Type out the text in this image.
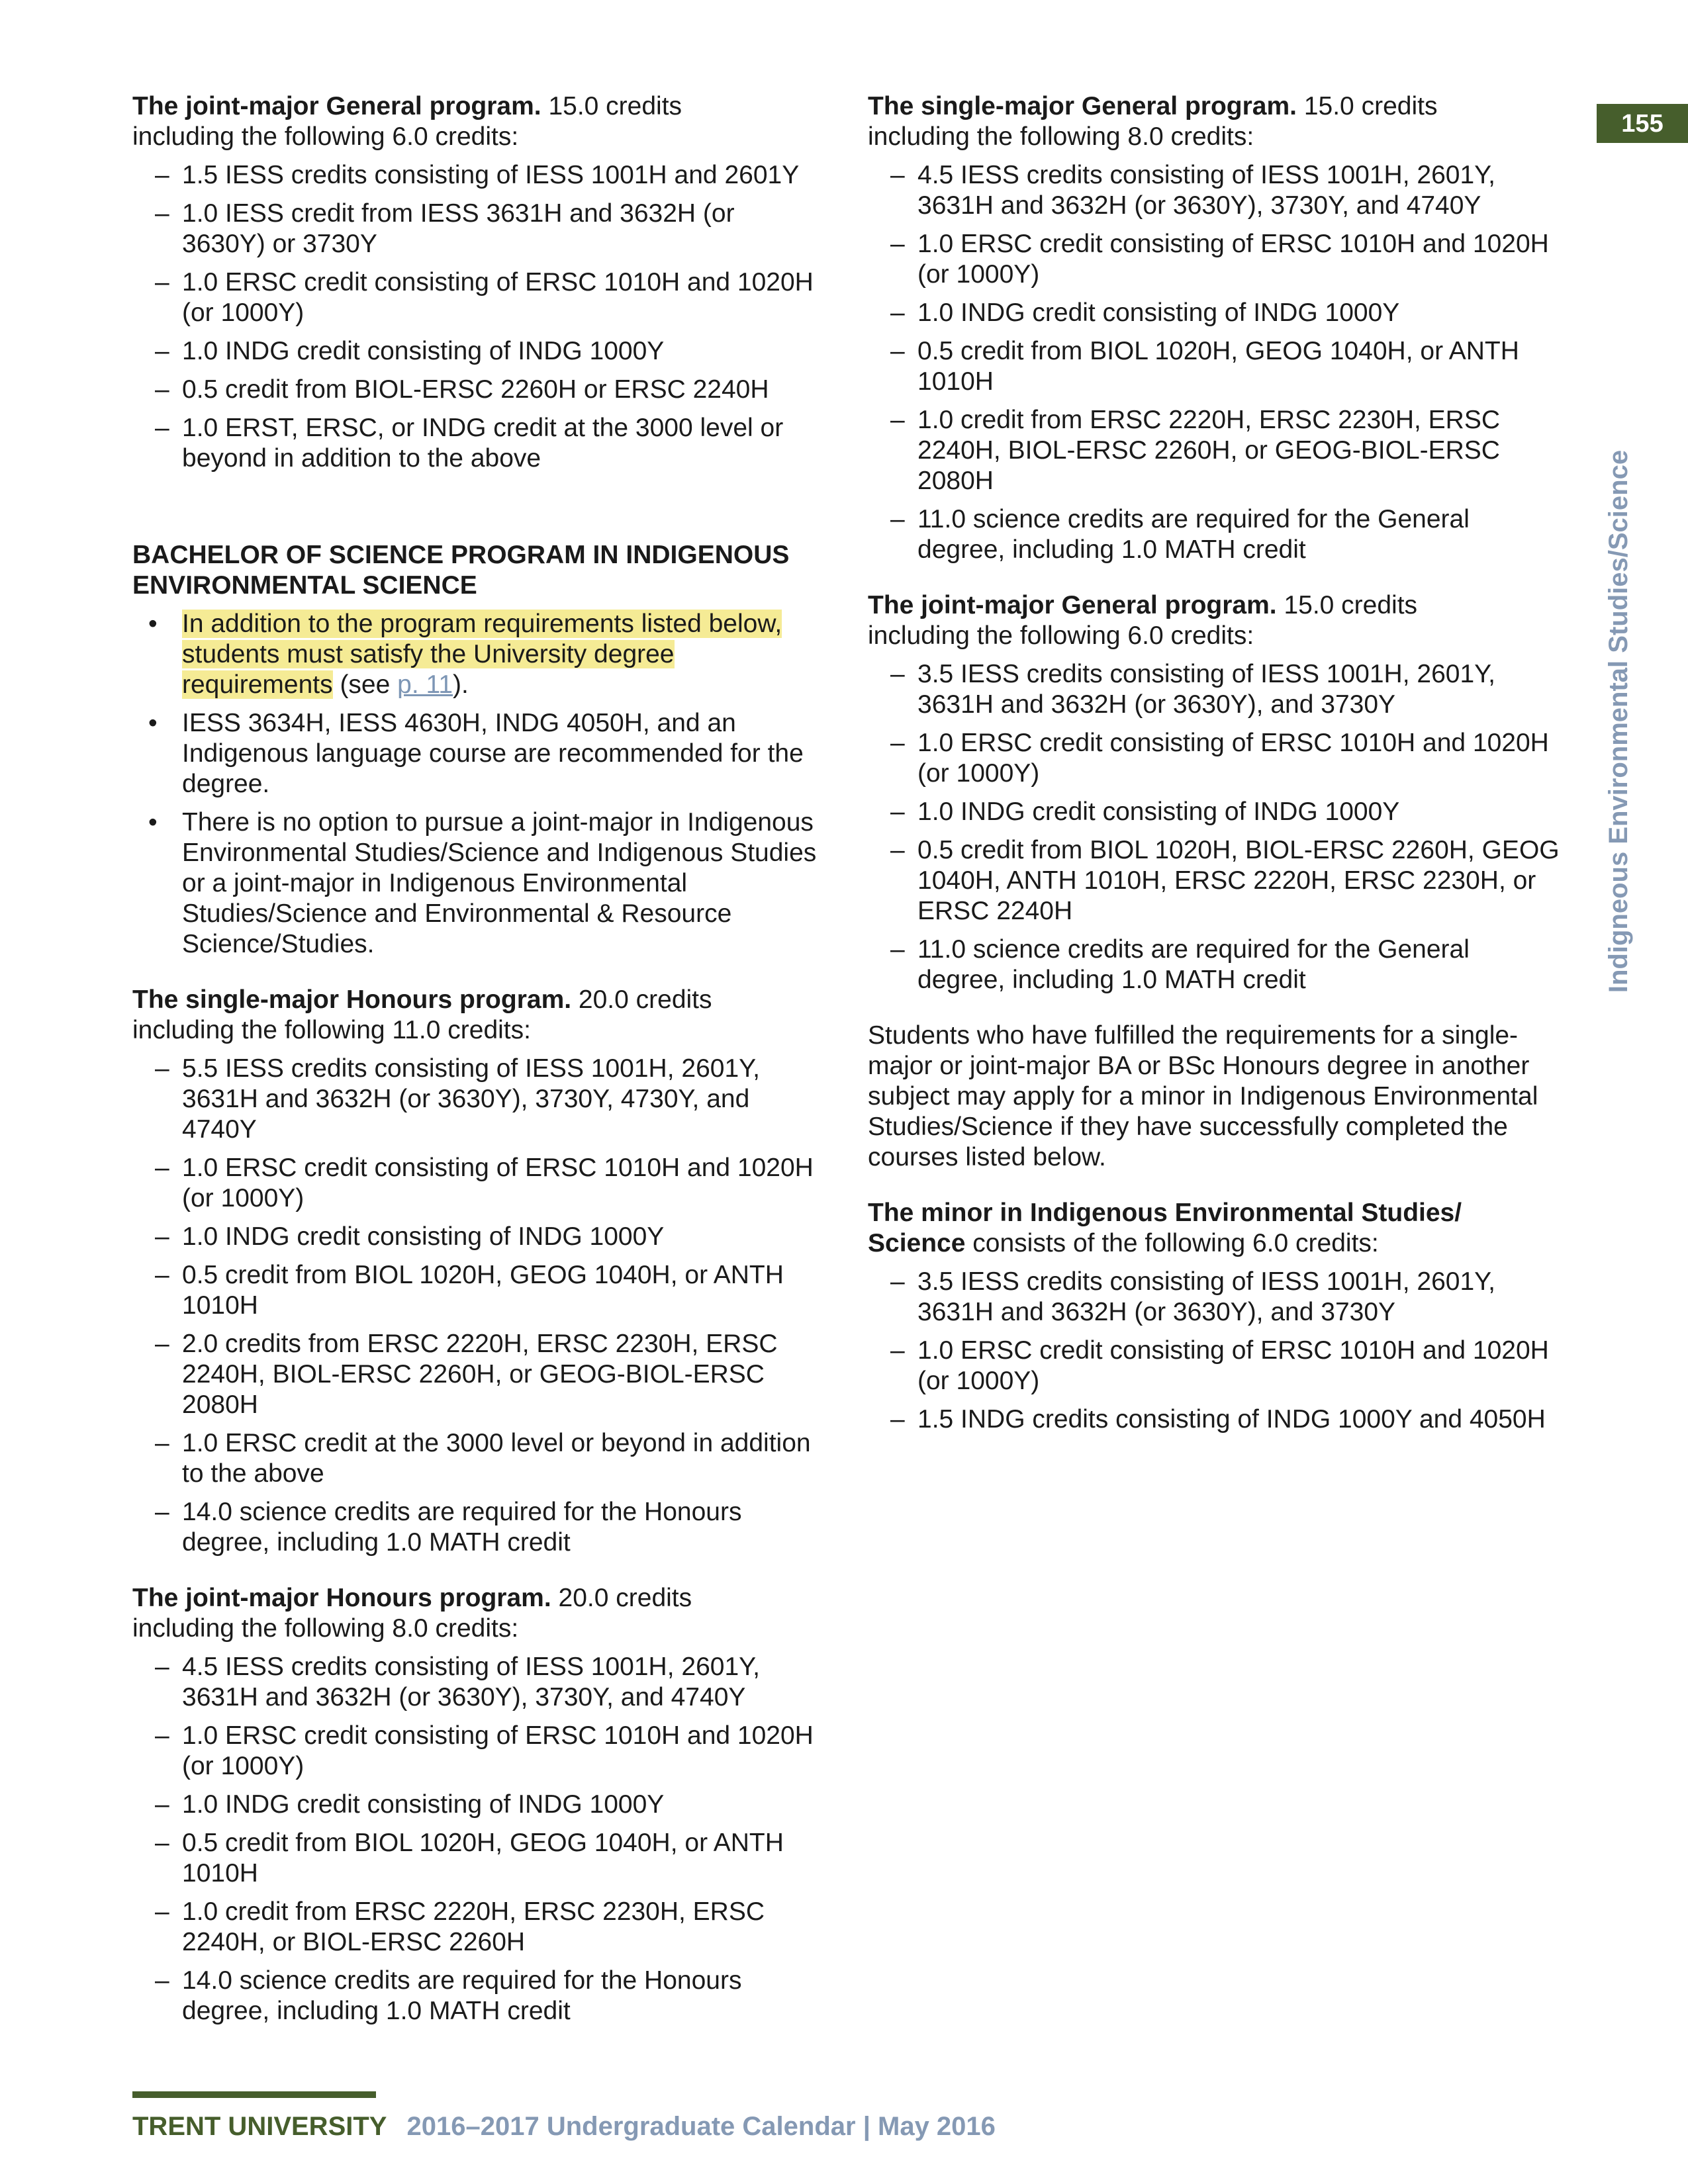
155
Indigneous Environmental Studies/Science
The joint-major General program. 15.0 credits
including the following 6.0 credits:
– 1.5 IESS credits consisting of IESS 1001H and 2601Y
– 1.0 IESS credit from IESS 3631H and 3632H (or 3630Y) or 3730Y
– 1.0 ERSC credit consisting of ERSC 1010H and 1020H (or 1000Y)
– 1.0 INDG credit consisting of INDG 1000Y
– 0.5 credit from BIOL-ERSC 2260H or ERSC 2240H
– 1.0 ERST, ERSC, or INDG credit at the 3000 level or beyond in addition to the above
BACHELOR OF SCIENCE PROGRAM IN INDIGENOUS ENVIRONMENTAL SCIENCE
• In addition to the program requirements listed below, students must satisfy the University degree requirements (see p. 11).
• IESS 3634H, IESS 4630H, INDG 4050H, and an Indigenous language course are recommended for the degree.
• There is no option to pursue a joint-major in Indigenous Environmental Studies/Science and Indigenous Studies or a joint-major in Indigenous Environmental Studies/Science and Environmental & Resource Science/Studies.
The single-major Honours program. 20.0 credits
including the following 11.0 credits:
– 5.5 IESS credits consisting of IESS 1001H, 2601Y, 3631H and 3632H (or 3630Y), 3730Y, 4730Y, and 4740Y
– 1.0 ERSC credit consisting of ERSC 1010H and 1020H (or 1000Y)
– 1.0 INDG credit consisting of INDG 1000Y
– 0.5 credit from BIOL 1020H, GEOG 1040H, or ANTH 1010H
– 2.0 credits from ERSC 2220H, ERSC 2230H, ERSC 2240H, BIOL-ERSC 2260H, or GEOG-BIOL-ERSC 2080H
– 1.0 ERSC credit at the 3000 level or beyond in addition to the above
– 14.0 science credits are required for the Honours degree, including 1.0 MATH credit
The joint-major Honours program. 20.0 credits
including the following 8.0 credits:
– 4.5 IESS credits consisting of IESS 1001H, 2601Y, 3631H and 3632H (or 3630Y), 3730Y, and 4740Y
– 1.0 ERSC credit consisting of ERSC 1010H and 1020H (or 1000Y)
– 1.0 INDG credit consisting of INDG 1000Y
– 0.5 credit from BIOL 1020H, GEOG 1040H, or ANTH 1010H
– 1.0 credit from ERSC 2220H, ERSC 2230H, ERSC 2240H, or BIOL-ERSC 2260H
– 14.0 science credits are required for the Honours degree, including 1.0 MATH credit
The single-major General program. 15.0 credits
including the following 8.0 credits:
– 4.5 IESS credits consisting of IESS 1001H, 2601Y, 3631H and 3632H (or 3630Y), 3730Y, and 4740Y
– 1.0 ERSC credit consisting of ERSC 1010H and 1020H (or 1000Y)
– 1.0 INDG credit consisting of INDG 1000Y
– 0.5 credit from BIOL 1020H, GEOG 1040H, or ANTH 1010H
– 1.0 credit from ERSC 2220H, ERSC 2230H, ERSC 2240H, BIOL-ERSC 2260H, or GEOG-BIOL-ERSC 2080H
– 11.0 science credits are required for the General degree, including 1.0 MATH credit
The joint-major General program. 15.0 credits
including the following 6.0 credits:
– 3.5 IESS credits consisting of IESS 1001H, 2601Y, 3631H and 3632H (or 3630Y), and 3730Y
– 1.0 ERSC credit consisting of ERSC 1010H and 1020H (or 1000Y)
– 1.0 INDG credit consisting of INDG 1000Y
– 0.5 credit from BIOL 1020H, BIOL-ERSC 2260H, GEOG 1040H, ANTH 1010H, ERSC 2220H, ERSC 2230H, or ERSC 2240H
– 11.0 science credits are required for the General degree, including 1.0 MATH credit

Students who have fulfilled the requirements for a single-major or joint-major BA or BSc Honours degree in another subject may apply for a minor in Indigenous Environmental Studies/Science if they have successfully completed the courses listed below.

The minor in Indigenous Environmental Studies/ Science consists of the following 6.0 credits:
– 3.5 IESS credits consisting of IESS 1001H, 2601Y, 3631H and 3632H (or 3630Y), and 3730Y
– 1.0 ERSC credit consisting of ERSC 1010H and 1020H (or 1000Y)
– 1.5 INDG credits consisting of INDG 1000Y and 4050H
TRENT UNIVERSITY 2016–2017 Undergraduate Calendar | May 2016
